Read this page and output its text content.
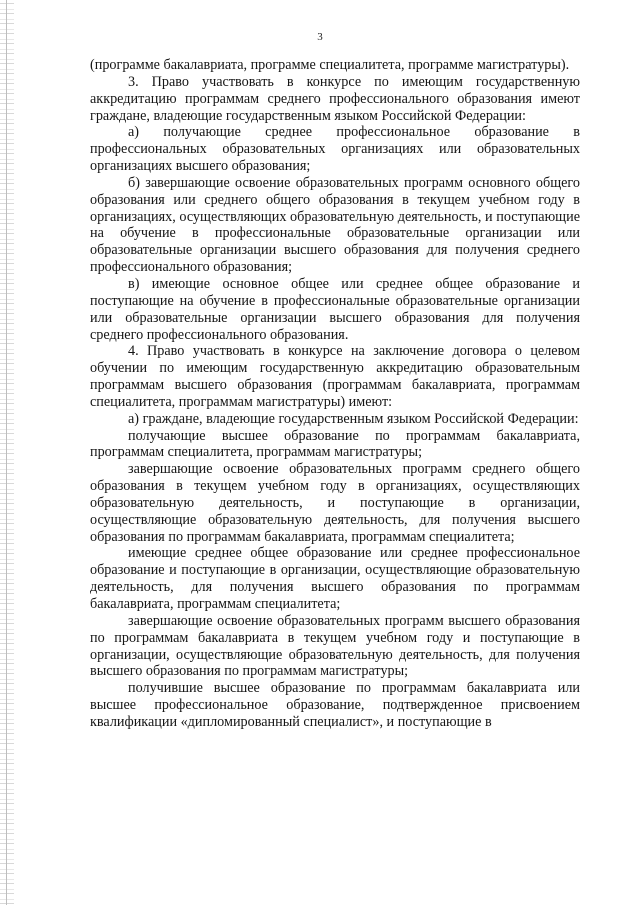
3

(программе бакалавриата, программе специалитета, программе магистратуры).

3. Право участвовать в конкурсе по имеющим государственную аккредитацию программам среднего профессионального образования имеют граждане, владеющие государственным языком Российской Федерации:

а) получающие среднее профессиональное образование в профессиональных образовательных организациях или образовательных организациях высшего образования;

б) завершающие освоение образовательных программ основного общего образования или среднего общего образования в текущем учебном году в организациях, осуществляющих образовательную деятельность, и поступающие на обучение в профессиональные образовательные организации или образовательные организации высшего образования для получения среднего профессионального образования;

в) имеющие основное общее или среднее общее образование и поступающие на обучение в профессиональные образовательные организации или образовательные организации высшего образования для получения среднего профессионального образования.

4. Право участвовать в конкурсе на заключение договора о целевом обучении по имеющим государственную аккредитацию образовательным программам высшего образования (программам бакалавриата, программам специалитета, программам магистратуры) имеют:

а) граждане, владеющие государственным языком Российской Федерации:

получающие высшее образование по программам бакалавриата, программам специалитета, программам магистратуры;

завершающие освоение образовательных программ среднего общего образования в текущем учебном году в организациях, осуществляющих образовательную деятельность, и поступающие в организации, осуществляющие образовательную деятельность, для получения высшего образования по программам бакалавриата, программам специалитета;

имеющие среднее общее образование или среднее профессиональное образование и поступающие в организации, осуществляющие образовательную деятельность, для получения высшего образования по программам бакалавриата, программам специалитета;

завершающие освоение образовательных программ высшего образования по программам бакалавриата в текущем учебном году и поступающие в организации, осуществляющие образовательную деятельность, для получения высшего образования по программам магистратуры;

получившие высшее образование по программам бакалавриата или высшее профессиональное образование, подтвержденное присвоением квалификации «дипломированный специалист», и поступающие в
